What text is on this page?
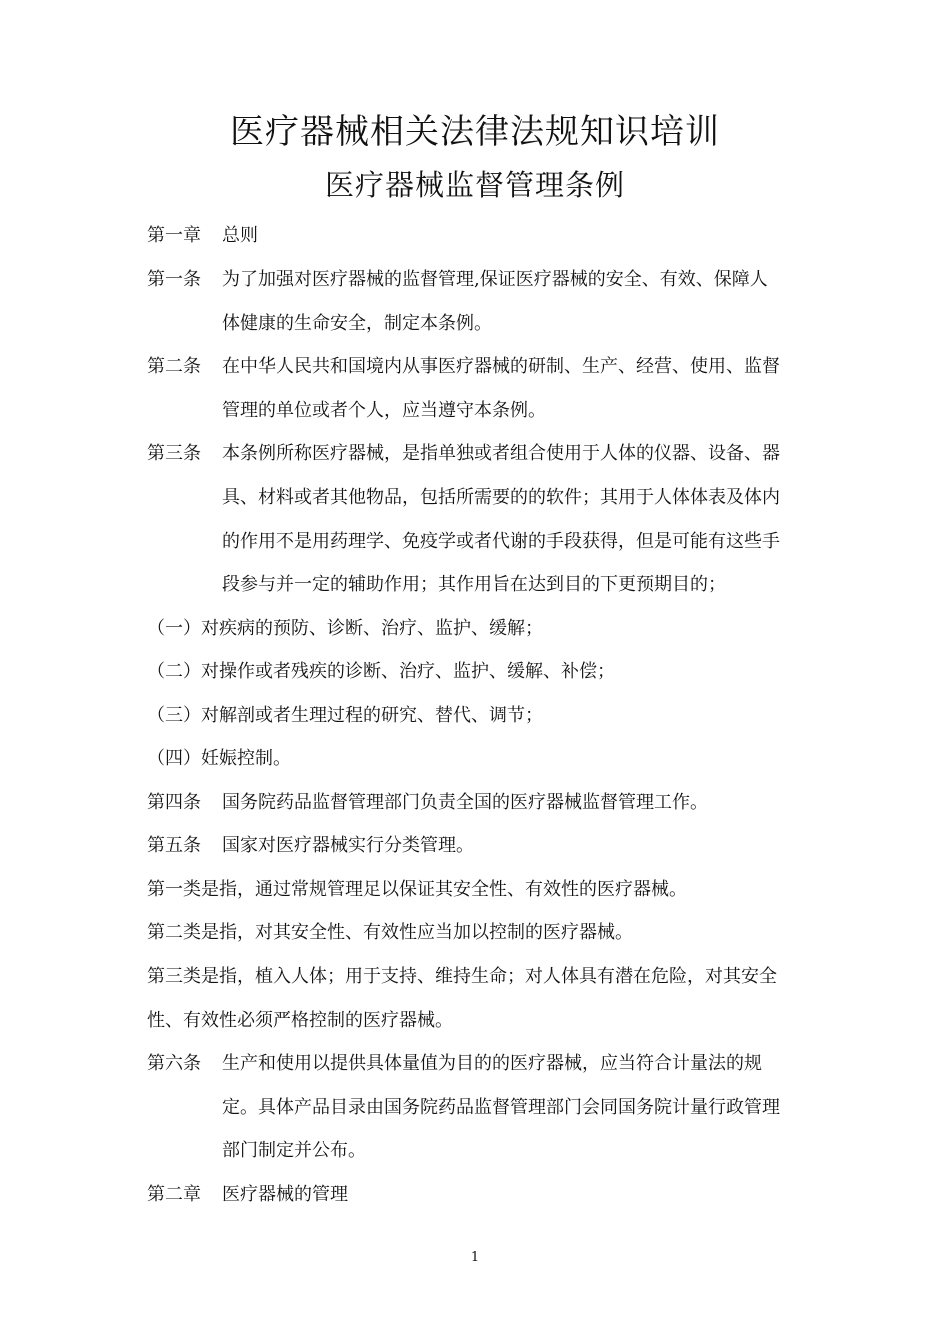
医疗器械相关法律法规知识培训
医疗器械监督管理条例
第一章 总则
第一条 为了加强对医疗器械的监督管理,保证医疗器械的安全、有效、保障人
体健康的生命安全，制定本条例。
第二条 在中华人民共和国境内从事医疗器械的研制、生产、经营、使用、监督
管理的单位或者个人，应当遵守本条例。
第三条 本条例所称医疗器械，是指单独或者组合使用于人体的仪器、设备、器
具、材料或者其他物品，包括所需要的的软件；其用于人体体表及体内
的作用不是用药理学、免疫学或者代谢的手段获得，但是可能有这些手
段参与并一定的辅助作用；其作用旨在达到目的下更预期目的；
（一）对疾病的预防、诊断、治疗、监护、缓解；
（二）对操作或者残疾的诊断、治疗、监护、缓解、补偿；
（三）对解剖或者生理过程的研究、替代、调节；
（四）妊娠控制。
第四条 国务院药品监督管理部门负责全国的医疗器械监督管理工作。
第五条 国家对医疗器械实行分类管理。
第一类是指，通过常规管理足以保证其安全性、有效性的医疗器械。
第二类是指，对其安全性、有效性应当加以控制的医疗器械。
第三类是指，植入人体；用于支持、维持生命；对人体具有潜在危险，对其安全
性、有效性必须严格控制的医疗器械。
第六条 生产和使用以提供具体量值为目的的医疗器械，应当符合计量法的规
定。具体产品目录由国务院药品监督管理部门会同国务院计量行政管理
部门制定并公布。
第二章 医疗器械的管理
1
